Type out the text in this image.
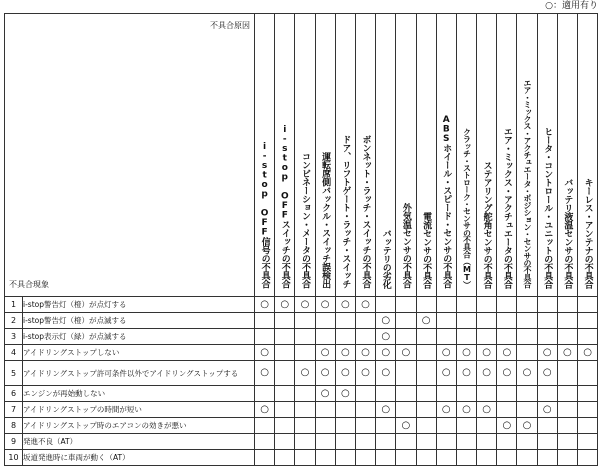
○：適用有り
不具合原因
不具合現象		i-stop OFF信号の不具合	i-stop OFFスイッチの不具合	コンビネーション・メータの不具合	運転席側バックル・スイッチ誤検出	ドア、リフトゲート・ラッチ・スイッチ	ボンネット・ラッチ・スイッチの不具合	バッテリの劣化	外気温センサの不具合	電流センサの不具合	ABSホイール・スピード・センサの不具合	クラッチ・ストローク・センサの不具合（MT）	ステアリング舵角センサの不具合	エア・ミックス・アクチュエータの不具合	エア・ミックス・アクチュエータ・ポジション・センサの不具合	ヒータ・コントロール・ユニットの不具合	バッテリ液温センサの不具合	キーレス・アンテナの不具合
1	i-stop警告灯（橙）が点灯する	○	○	○	○	○	○											
2	i-stop警告灯（橙）が点滅する							○		○								
3	i-stop表示灯（緑）が点滅する							○										
4	アイドリングストップしない	○			○	○	○	○	○		○	○	○	○		○	○	○
5	アイドリングストップ許可条件以外でアイドリングストップする	○		○	○	○	○	○			○	○	○	○	○	○		
6	エンジンが再始動しない				○	○												
7	アイドリングストップの時間が短い	○						○			○	○	○			○		
8	アイドリングストップ時のエアコンの効きが悪い								○					○	○			
9	発進不良（AT）																	
10	坂道発進時に車両が動く（AT）																	
